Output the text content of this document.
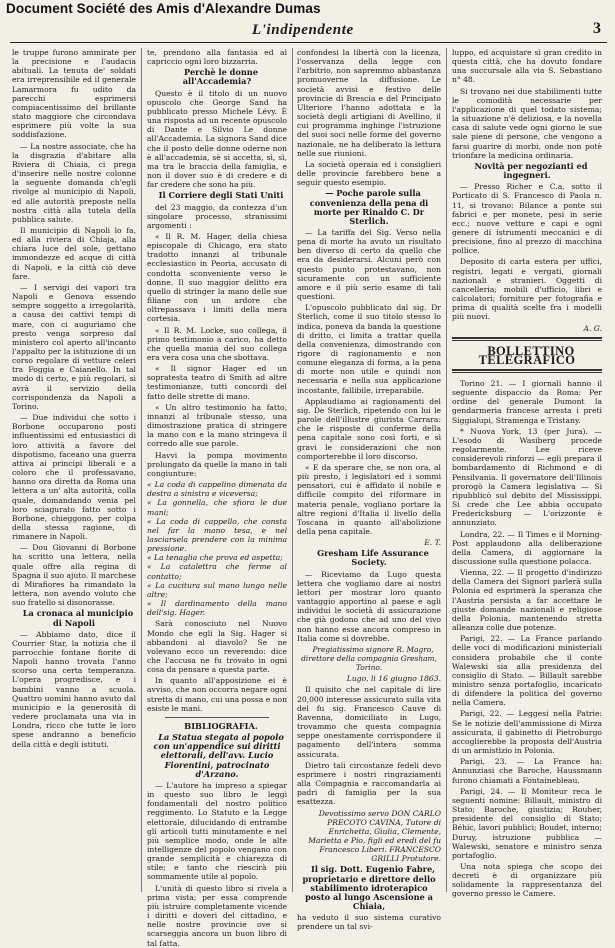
Document Société des Amis d'Alexandre Dumas
L'indipendente	3

le truppe furono ammirate per la precisione e l'audacia abituali. La tenuta de' soldati era irreprensibile ed il generale Lamarmora fu udito da parecchi esprimersi compiacentissimo del brillante stato maggiore che circondava esprimere più volte la sua soddisfazione.

— La nostre associate, che ha la disgrazia d'abitare alla Riviera di Chiaia, ci prega d'inserire nelle nostre colonne la seguente domanda ch'egli rivolge al municipio di Napoli, ed alle autorità preposte nella nostra città alla tutela della pubblica salute.

Il municipio di Napoli lo fa, ed alla riviera di Chiaja, alla chiara luce del sole, gettano immondezze ed acque di città di Napoli, e la città ciò deve fare.

— I servigi dei vapori tra Napoli e Genova essendo sempre soggetto a irregolarità, a causa dei cattivi tempi di mare, con ci auguriamo che presto venga sorpreso dal ministero col aperto all'incanto l'appalto per la istituzione di un corso regolare di vetture celeri tra Foggia e Caianello. In tal modo di certo, e più regolari, si avrà il servizio della corrispondenza da Napoli a Torino.

— Due individui che sotto i Borbone occuparono posti influentissimi ed entusiastici di loro attività a favore del dispotismo, faceano una guerra attiva ai principi liberali e a coloro che il professavano, hanno ora diretta da Roma una lettera a un' alta autorità, colla quale, domandando venia pel loro sciagurato fatto sotto i Borbone, chieggono, per colpa della stessa ragione, di rimanere in Napoli.

— Dou Giovanni di Borbone ha scritto una lettera, nella quale offre alla regina di Spagna il suo ajuto. Il marchese di Mirafiores ha rimandato la lettera, non avendo voluto che suo fratello si disonorasse.

La cronaca al municipio di Napoli

— Abbiamo dato, dice il Courrier Star, la notizia che il parrocchie fontane fiorite di Napoli hanno trovata l'anno scorso una certa temperanza. L'opera progredisce, e i bambini vanno a scuola. Quattro uomini hanno avuto dal municipio e la generosità di vedere proclamata una via in Londra, ricco che tutte le loro spese andranno a beneficio della città e degli istituti.

te, prendono alla fantasia ed al capriccio ogni loro bizzarria.

Perchè le donne all'Accademia?

Questo è il titolo di un nuovo opuscolo che George Sand ha pubblicato presso Michele Lévy. È una risposta ad un recente opuscolo di Dante e Silvio Le donne all'Accademia. La signora Sand dice che il posto delle donne oderne non è all'accademia, sè si accetta, sì, sì, ma tra le braccia della famiglia, e non il dover suo è di credere e di far credere che sono ha più.

Il Corriere degli Stati Uniti

del 23 maggio, da contezza d'un singolare processo, stranissimi argomenti :

« Il R. M. Hager, della chiesa episcopale di Chicago, era stato tradotto innanzi al tribunale ecclesiastico in Peoria, accusato di condotta sconveniente verso le donne. Il suo maggior delitto era quello di stringer la mano delle sue filiane con un ardore che oltrepassava i limiti della mera cortesia.

« Il R. M. Locke, suo collega, il primo testimonio a carico, ha detto che quella mania del suo collega era vera cosa una che sbottava.

« Il signor Hager ed un sopratesta teatro di Smith ad altre testimonianze, tutti concordi del fatto delle strette di mano.

« Un altro testimonio ha fatto, innanzi al tribunale stesso, una dimostrazione pratica di stringere la mano con e la mano stringeva il corredo alle sue parole.

Havvi la pompa movimento prolungato da quelle la mano in tali congiunture:

« La coda di cappelino dimenata da destra a sinistra e viceversa;
« La gonnella, che sfiora le due mani;
« La coda di cappello, che consta nel far la mano tesa, e nel lasciarsela prendere con la minima pressione.
« La tenaglia che prova ed aspetta;
« La catalettra che ferme al contatto;
« La cucitura sul mano lungo nelle altre;
« Il dardinamento della mano dell'sig. Hager.

Sarà conosciuto nel Nuovo Mondo che egli la Sig. Hager si abbandoni al diavolo? Se ne volevano ecco un reverendo: dice che l'accusa ne fu trovato in ogni cosa da pensare a questa parte.

In quanto all'apposizione ei è avviso, che non occorra negare ogni stretta di mano, cui una possa e non esiste le mani.

BIBLIOGRAFIA.

La Statua stegata al popolo con un'appendice sui diritti elettorali, dell'avv. Lucio Fiorentini, patrocinato d'Arzano.

— L'autore ha impreso a spiegar in questo suo libro le leggi fondamentali del nostro politico reggimento. Lo Statuto e la Legge elettorale, dilucidando di entrambe gli articoli tutti minutamente e nel più semplice modo, onde le alte intelligenze del popolo vengano con grande semplicità e chiarezza di stile; e tanto che riescirà più sommamente utile al popolo.

L'unità di questo libro si rivela a prima vista; per essa comprende più istruire completamente vicende i diritti e doveri del cittadino, e nelle nostre provincie ove si scarseggia ancora un buon libro di tal fatta.

confondesi la libertà con la licenza, l'osservanza della legge con l'arbitrio, non sapremmo abbastanza promuoverne la diffusione. Le società avvisi e festivo delle provincie di Brescia e del Principato Ulteriore l'hanno adottata e la società degli artigiani di Avellino, il cui programma inghinge l'istruzione del suoi soci nelle forme del governo nazionale, ne ha deliberato la lettura nelle sue riunioni.

La società operaia ed i consiglieri delle provincie farebbero bene a seguir questo esempio.

— Poche parole sulla convenienza della pena di morte per Rinaldo C. Dr Sterlich.

— La tariffa del Sig. Verso nella pena di morte ha avuto un risultato ben diverso di certo da quello che era da desiderarsi. Alcuni però con questo punto protestavano, non sicuramente con un sufficiente amore e il più serio esame di tali questioni.

L'opuscolo pubblicato dal sig. Dr Sterlich, come il suo titolo stesso lo indica, poneva da banda la questione di dritto, ci limita a trattar quella della convenienza, dimostrando con rigore di ragionamento e non comune eleganza di forma, a la pena di morte non utile e quindi non necessaria e nella sua applicazione incostante, fallibile, irreparabile.

Applaudiamo ai ragionamenti del sig. De Sterlich, ripetendo con lui le parole dell'illustre giurista Carrara: che le risposte di conferme della pena capitale sono così forti, e sì gravi le considerazioni che non comporterebbe il loro discorso.

« E da sperare che, se non ora, al più presto, i legislatori ed i sommi pensatori, cui è affidato il nobile e difficile compito del riformare in materia penale, vogliano portare la altre regioni d'Italia il livello della Toscana in quanto all'abolizione della pena capitale.

E. T.

Gresham Life Assurance Society.

— Riceviamo da Lugo questa lettera che vogliamo dare ai nostri lettori per mostrar loro quanto vantaggio apportino al paese e agli individui le società di assicurazione che già godono che ad uno del vivo non hanno esse ancora compreso in Italia come si dovrebbe.

Pregiatissimo signore R. Magro, direttore della compagnia Gresham, Torino.

Lugo, li 16 giugno 1863.

Il quisito che nel capitale di lire 20,000 interesse assicurato sulla vita del fu sig. Francesco Cauve di Ravenna, domiciliato in Lugo, trovammo che questa compagnia seppe onestamente corrispondere il pagamento dell'intera somma assicurata.

Dietro tali circostanze fedeli devo esprimere i nostri ringraziamenti alla Compagnia e raccomandarla ai padri di famiglia per la sua esattezza.

Devotissimo servo DON CARLO PRECOTO CAVINA, Tutore di Enrichetta, Giulia, Clemente, Marietta e Pio, figli ed eredi del fu Francesco Liberi. FRANCESCO GRILLI Protutore.

Il sig. Dott. Eugenio Fabre, proprietario e direttore dello stabilimento idroterapico posto al lungo Ascensione a Chiaia,

ha veduto il suo sistema curativo prendere un tal svi-

luppo, ed acquistare sì gran credito in questa città, che ha dovuto fondare una succursale alla via S. Sebastiano n° 48.

Si trovano nei due stabilimenti tutte le comodità necessarie per l'applicazione di quel todato sistema; la situazione n'è deliziosa, e la novella casa di salute vede ogni giorno le sue sale piene di persone, che vengono a farsi guarire di morbi, onde non potè trionfare la medicina ordinaria.

Novità per negozianti ed ingegneri.

— Presso Richer e C.a, sotto il Porticato di S. Francesco di Paola n. 11, si trovano: Bilance a ponte sui fabrici e per monete, pesi in serie ecc.; nuove vetture e capi e ogni genere di istrumenti meccanici e di precisione, fino al prezzo di macchina pollice.

Deposito di carta estera per uffici, registri, legati e vergati, giornali nazionali e stranieri. Oggetti di cancelleria; mobili d'ufficio, libri e calcolatori; forniture per fotografia e prima di qualità scelte fra i modelli più nuovi.

A. G.

BOLLETTINO TELEGRAFICO

Torino 21. — I giornali hanno il seguente dispaccio da Roma: Per ordine del generale Dumont la gendarmeria francese arresta i preti Siggialupi, Stramenga e Tristany.

* Nuova York, 13 (per Jura). — L'esodo di Wasiberg procede regolarmente. Lee riceve considerevoli rinforzi — egli prepara il bombardamento di Richmond e di Pensilvania. Il governatore dell'Illinois prorogò la Camera legislativa — Si ripubblicò sul debito del Mississippi. Si crede che Lee abbia occupato Fredericksburg — L'orizzonte è annunziato.

Londra, 22. — Il Times e il Morning-Post applaudono alla deliberazione della Camera, di aggiornare la discussione sulla questione polacca.

Vienna, 22. — Il progetto d'indirizzo della Camera dei Signori parlerà sulla Polonia ed esprimerà la speranza che l'Austria persista a far accettare le giuste domande nazionali e religiose della Polonia, mantenendo stretta alleanza colle due potenze.

Parigi, 22. — La France parlando delle voci di modificazioni ministeriali considera probabile che il conte Walewski sia alla presidenza del consiglio di Stato. — Billault sarebbe ministro senza portafoglio, incaricato di difendere la politica del governo nella Camera.

Parigi, 22. — Leggesi nella Patrie: Se le notizie dell'ammissione di Mirza assicurata, il gabinetto di Pietroburgo accoglierebbe la proposta dell'Austria di un armistizio in Polonia.

Parigi, 23. — La France ha: Annunziasi che Baroche, Haussmann furono chiamati a Fontainebleau.

Parigi, 24. — Il Moniteur reca le seguenti nomine: Billault, ministro di Stato; Baroche, giustizia; Rouher, presidente del consiglio di Stato; Béhic, lavori pubblici; Boudet, interno; Duruy, istruzione pubblica — Walewski, senatore e ministro senza portafoglio.

Una nota spiega che scopo dei decreti è di organizzare più solidamente la rappresentanza del governo presso le Camere.
